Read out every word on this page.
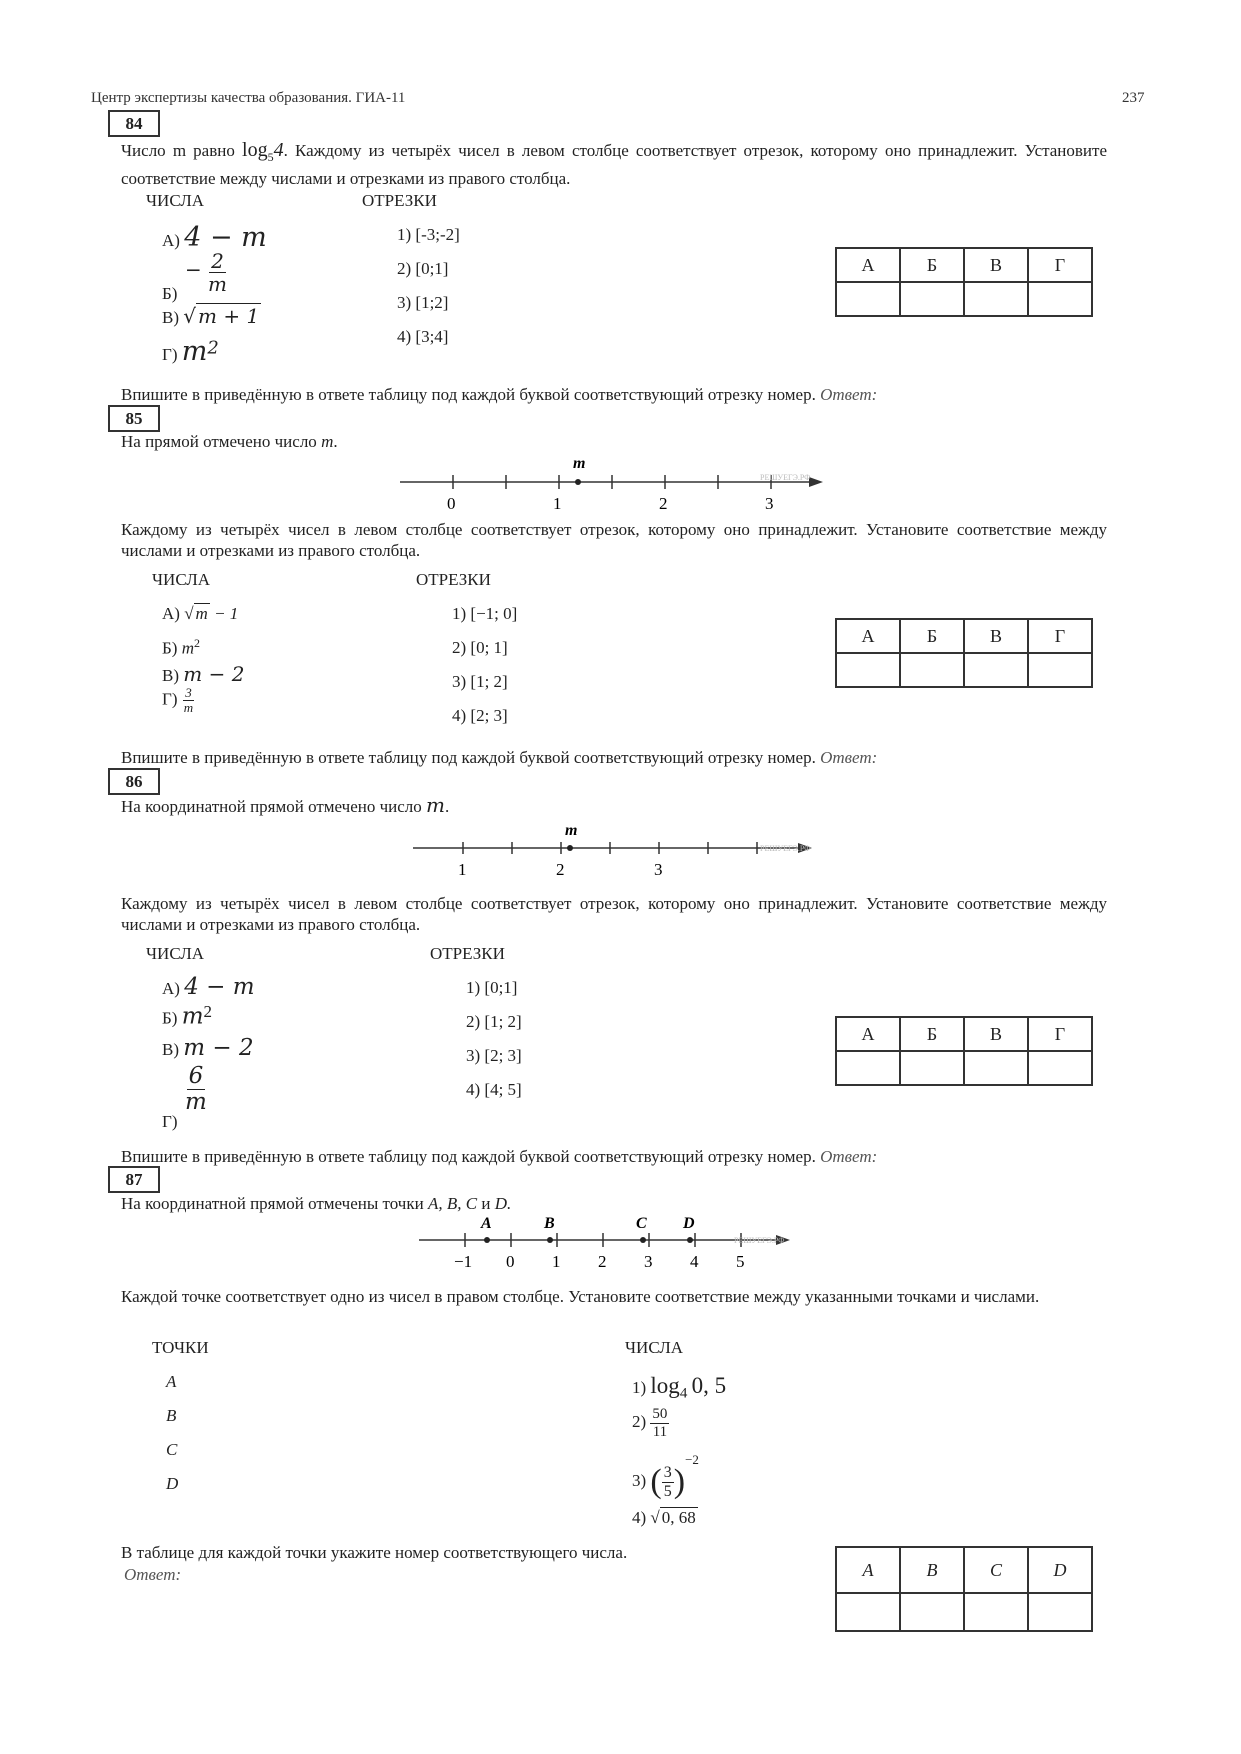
Центр экспертизы качества образования. ГИА-11	237
84
Число m равно $\log_54$. Каждому из четырёх чисел в левом столбце соответствует отрезок, которому оно принадлежит. Установите соответствие между числами и отрезками из правого столбца.
ЧИСЛА	ОТРЕЗКИ
А) 4 − m
− $\frac{2}{m}$
Б)
В) √ m + 1
Г) $m^2$
1) [-3;-2]
2) [0;1]
3) [1;2]
4) [3;4]
А	Б	В	Г

Впишите в приведённую в ответе таблицу под каждой буквой соответствующий отрезку номер. Ответ:
85
На прямой отмечено число m.
m
0	1	2	3
РЕШУЕГЭ.РФ
Каждому из четырёх чисел в левом столбце соответствует отрезок, которому оно принадлежит. Установите соответствие между числами и отрезками из правого столбца.
ЧИСЛА	ОТРЕЗКИ
А) √ m − 1
Б) $m^2$
В) m − 2
$Г) \frac{3}{m}$
1) [−1; 0]
2) [0; 1]
3) [1; 2]
4) [2; 3]
А	Б	В	Г

Впишите в приведённую в ответе таблицу под каждой буквой соответствующий отрезку номер. Ответ:
86
На координатной прямой отмечено число m.
m
1	2	3
РЕШУЕГЭ.РФ
Каждому из четырёх чисел в левом столбце соответствует отрезок, которому оно принадлежит. Установите соответствие между числами и отрезками из правого столбца.
ЧИСЛА	ОТРЕЗКИ
А) 4 − m
Б) $m^2$
В) m − 2
$\frac{6}{m}$
Г)
1) [0;1]
2) [1; 2]
3) [2; 3]
4) [4; 5]
А	Б	В	Г

Впишите в приведённую в ответе таблицу под каждой буквой соответствующий отрезку номер. Ответ:
87
На координатной прямой отмечены точки A, B, C и D.
A	B	C D
−1 0 1 2 3 4 5
РЕШУЕГЭ.РФ
Каждой точке соответствует одно из чисел в правом столбце. Установите соответствие между указанными точками и числами.
ТОЧКИ	ЧИСЛА
A
B
C
D
1) $\log_4 0$, 5
$2) \frac{50}{11}$
3) ( $\frac{3}{5} )^{-2}$
4) √ 0, 68
В таблице для каждой точки укажите номер соответствующего числа.
Ответ:	A	B	C	D
